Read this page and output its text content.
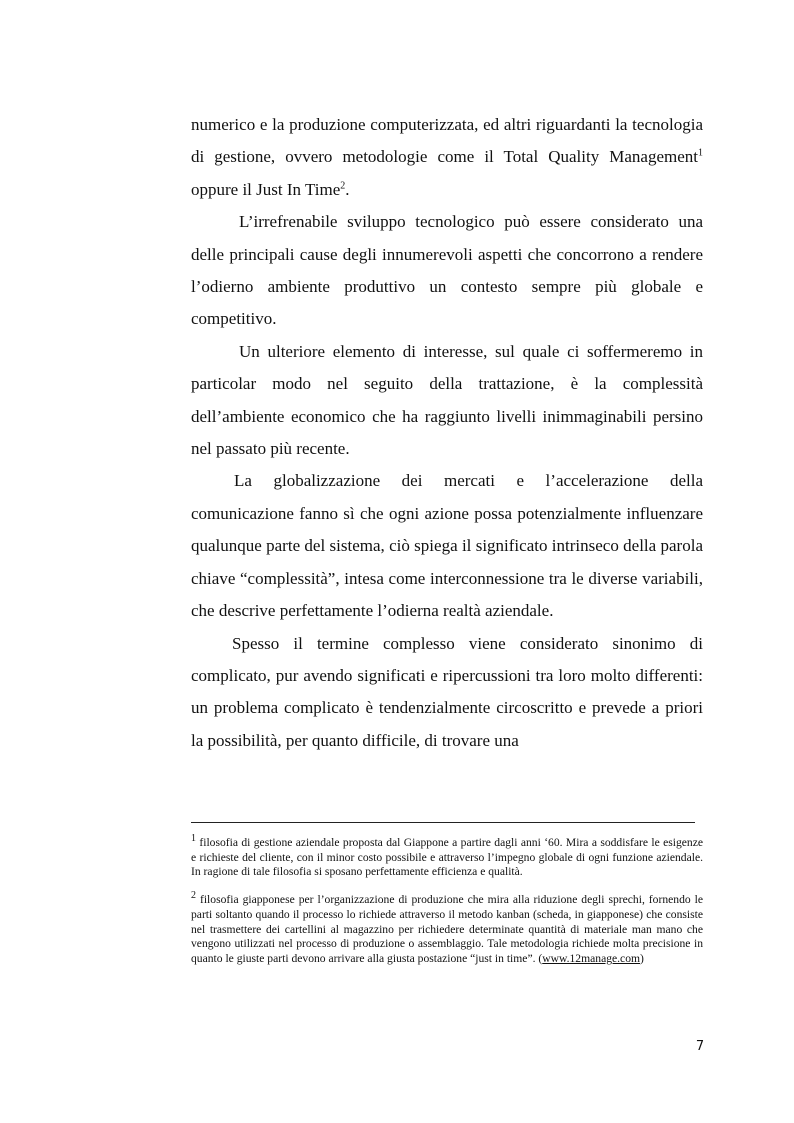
numerico e la produzione computerizzata, ed altri riguardanti la tecnologia di gestione, ovvero metodologie come il Total Quality Management$^1$ oppure il Just In Time$^2$.

L’irrefrenabile sviluppo tecnologico può essere considerato una delle principali cause degli innumerevoli aspetti che concorrono a rendere l’odierno ambiente produttivo un contesto sempre più globale e competitivo.

Un ulteriore elemento di interesse, sul quale ci soffermeremo in particolar modo nel seguito della trattazione, è la complessità dell’ambiente economico che ha raggiunto livelli inimmaginabili persino nel passato più recente.

La globalizzazione dei mercati e l’accelerazione della comunicazione fanno sì che ogni azione possa potenzialmente influenzare qualunque parte del sistema, ciò spiega il significato intrinseco della parola chiave “complessità”, intesa come interconnessione tra le diverse variabili, che descrive perfettamente l’odierna realtà aziendale.

Spesso il termine complesso viene considerato sinonimo di complicato, pur avendo significati e ripercussioni tra loro molto differenti: un problema complicato è tendenzialmente circoscritto e prevede a priori la possibilità, per quanto difficile, di trovare una

$^1$ filosofia di gestione aziendale proposta dal Giappone a partire dagli anni ‘60. Mira a soddisfare le esigenze e richieste del cliente, con il minor costo possibile e attraverso l’impegno globale di ogni funzione aziendale. In ragione di tale filosofia si sposano perfettamente efficienza e qualità.

$^2$ filosofia giapponese per l’organizzazione di produzione che mira alla riduzione degli sprechi, fornendo le parti soltanto quando il processo lo richiede attraverso il metodo kanban (scheda, in giapponese) che consiste nel trasmettere dei cartellini al magazzino per richiedere determinate quantità di materiale man mano che vengono utilizzati nel processo di produzione o assemblaggio. Tale metodologia richiede molta precisione in quanto le giuste parti devono arrivare alla giusta postazione “just in time”. (www.12manage.com)

7
